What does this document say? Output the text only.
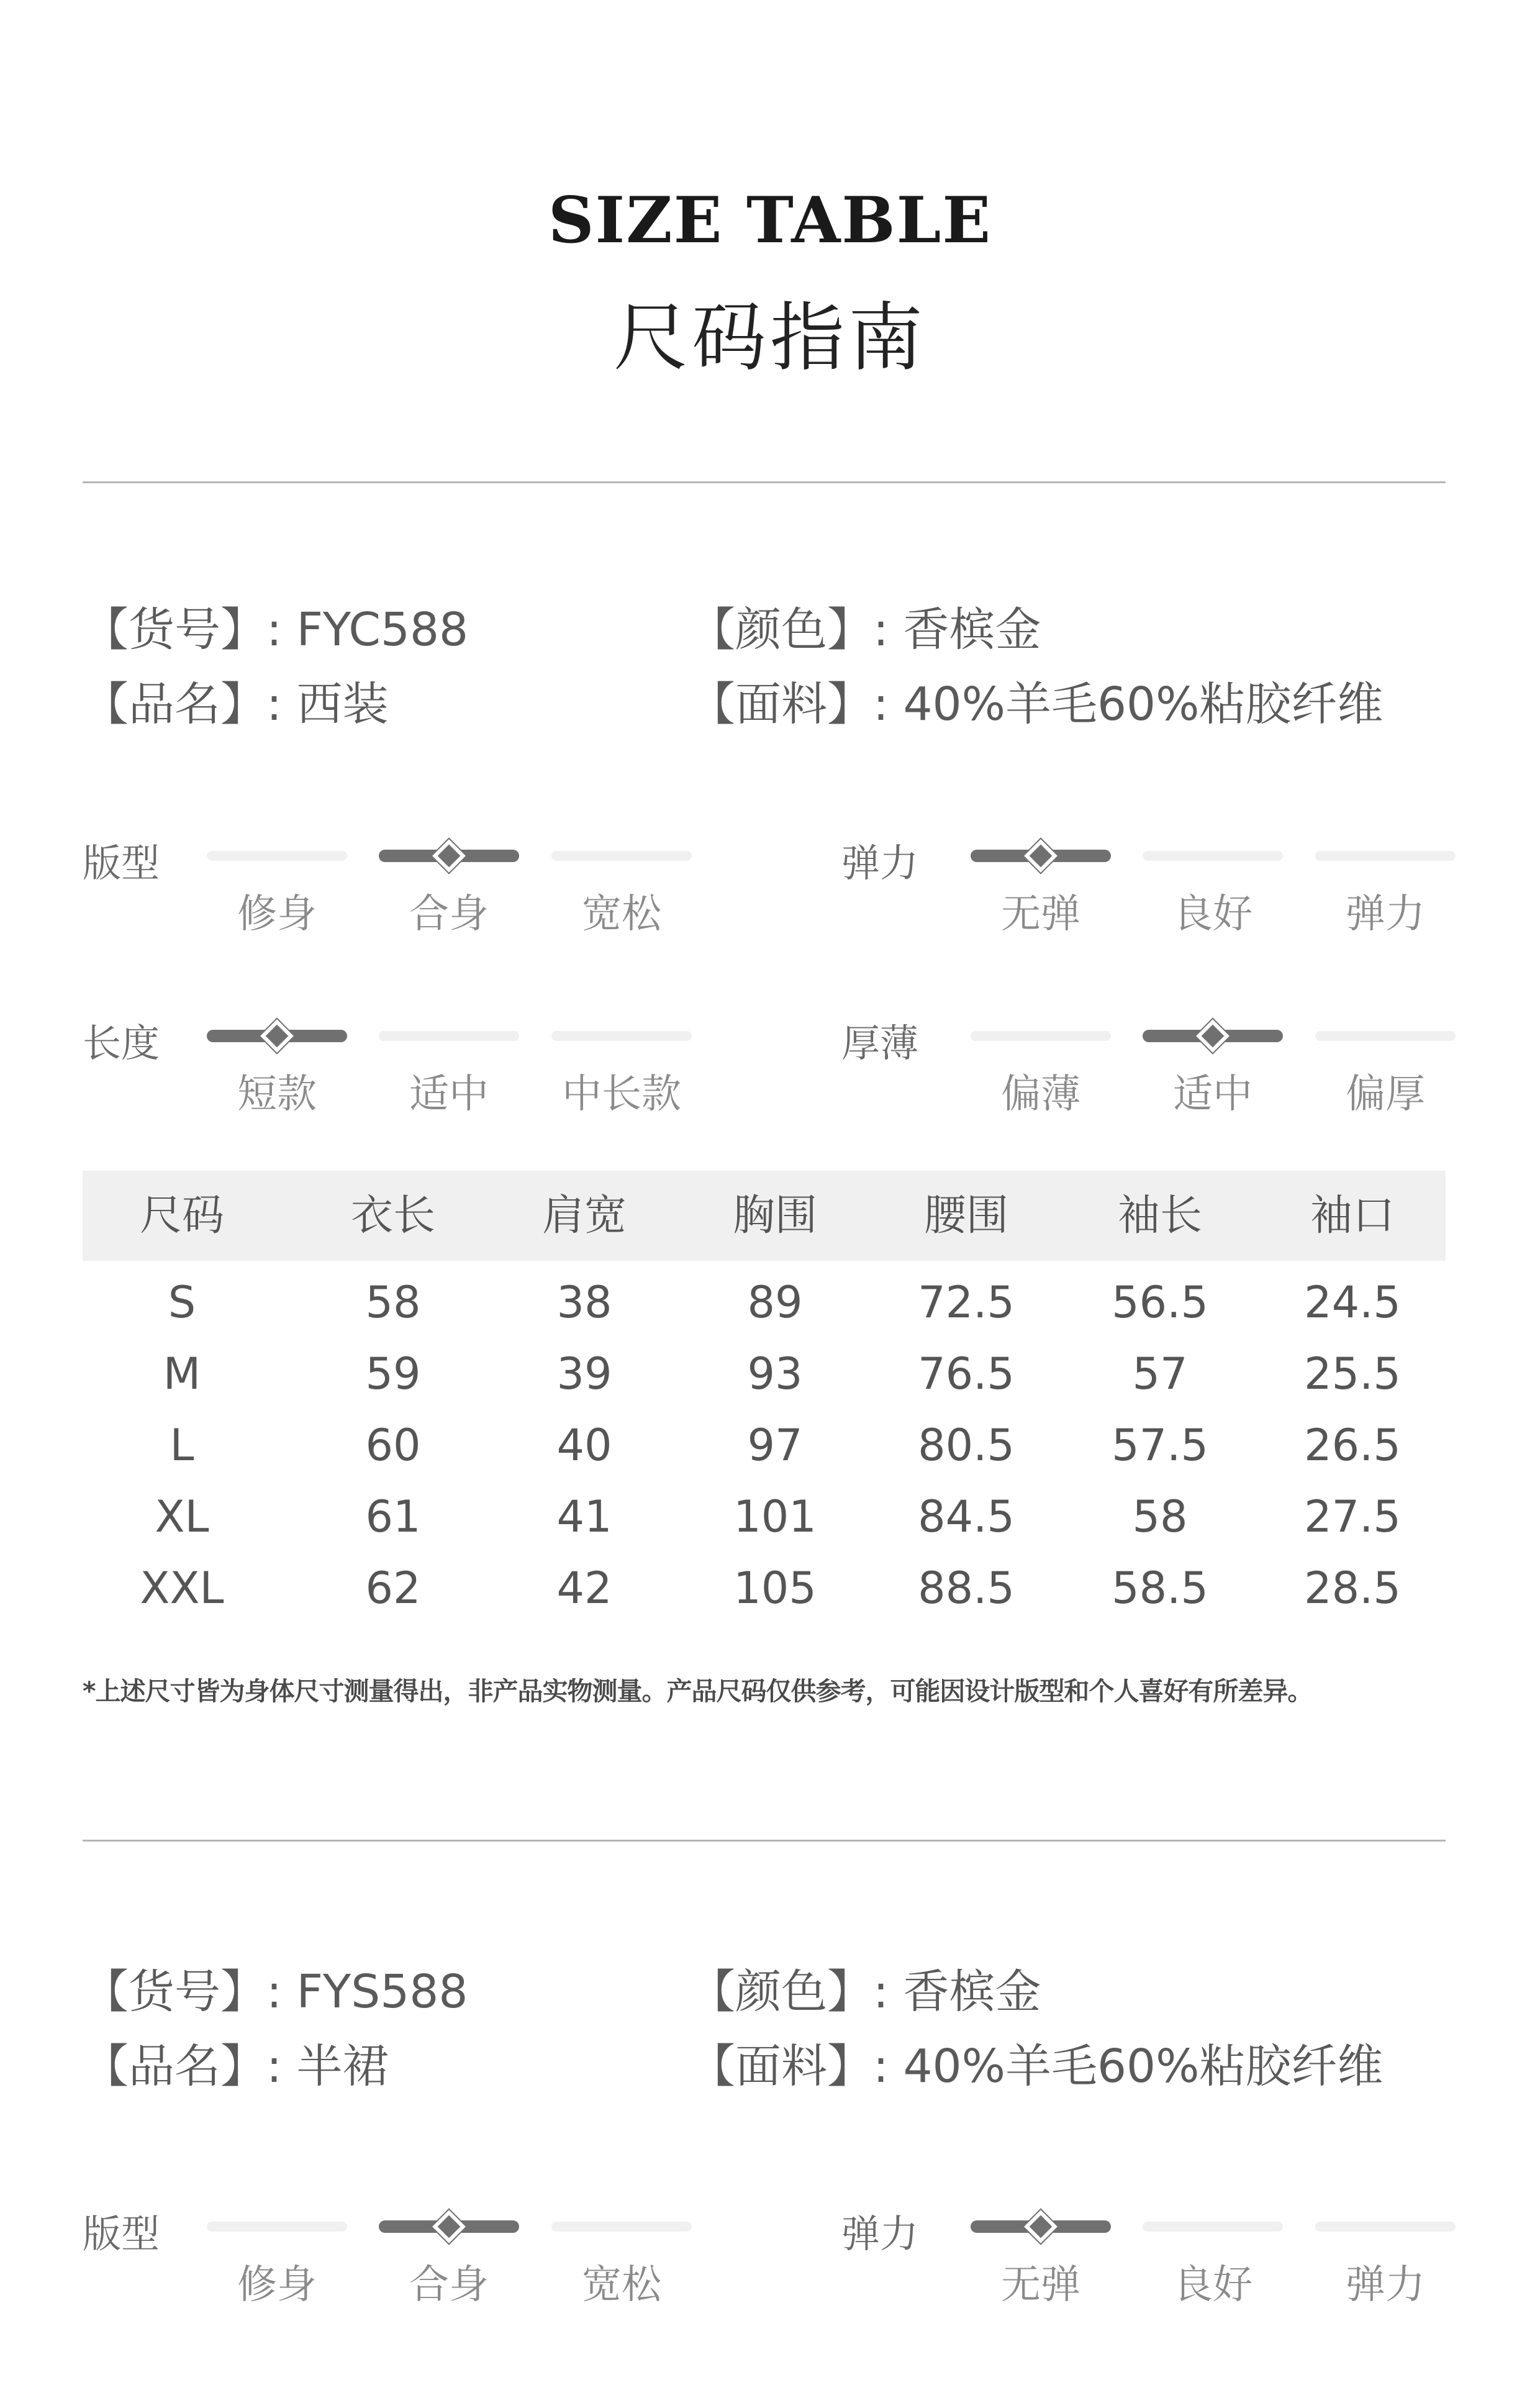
SIZE TABLE
尺码指南
【货号】: FYC588
【品名】: 西装
【颜色】: 香槟金
【面料】: 40%羊毛60%粘胶纤维
版型
修身	合身	宽松
弹力
无弹	良好	弹力
长度
短款	适中	中长款
厚薄
偏薄	适中	偏厚
尺码	衣长	肩宽	胸围	腰围	袖长	袖口
S	58	38	89	72.5	56.5	24.5
M	59	39	93	76.5	57	25.5
L	60	40	97	80.5	57.5	26.5
XL	61	41	101	84.5	58	27.5
XXL	62	42	105	88.5	58.5	28.5
*上述尺寸皆为身体尺寸测量得出，非产品实物测量。产品尺码仅供参考，可能因设计版型和个人喜好有所差异。
【货号】: FYS588
【品名】: 半裙
【颜色】: 香槟金
【面料】: 40%羊毛60%粘胶纤维
版型
修身	合身	宽松
弹力
无弹	良好	弹力
